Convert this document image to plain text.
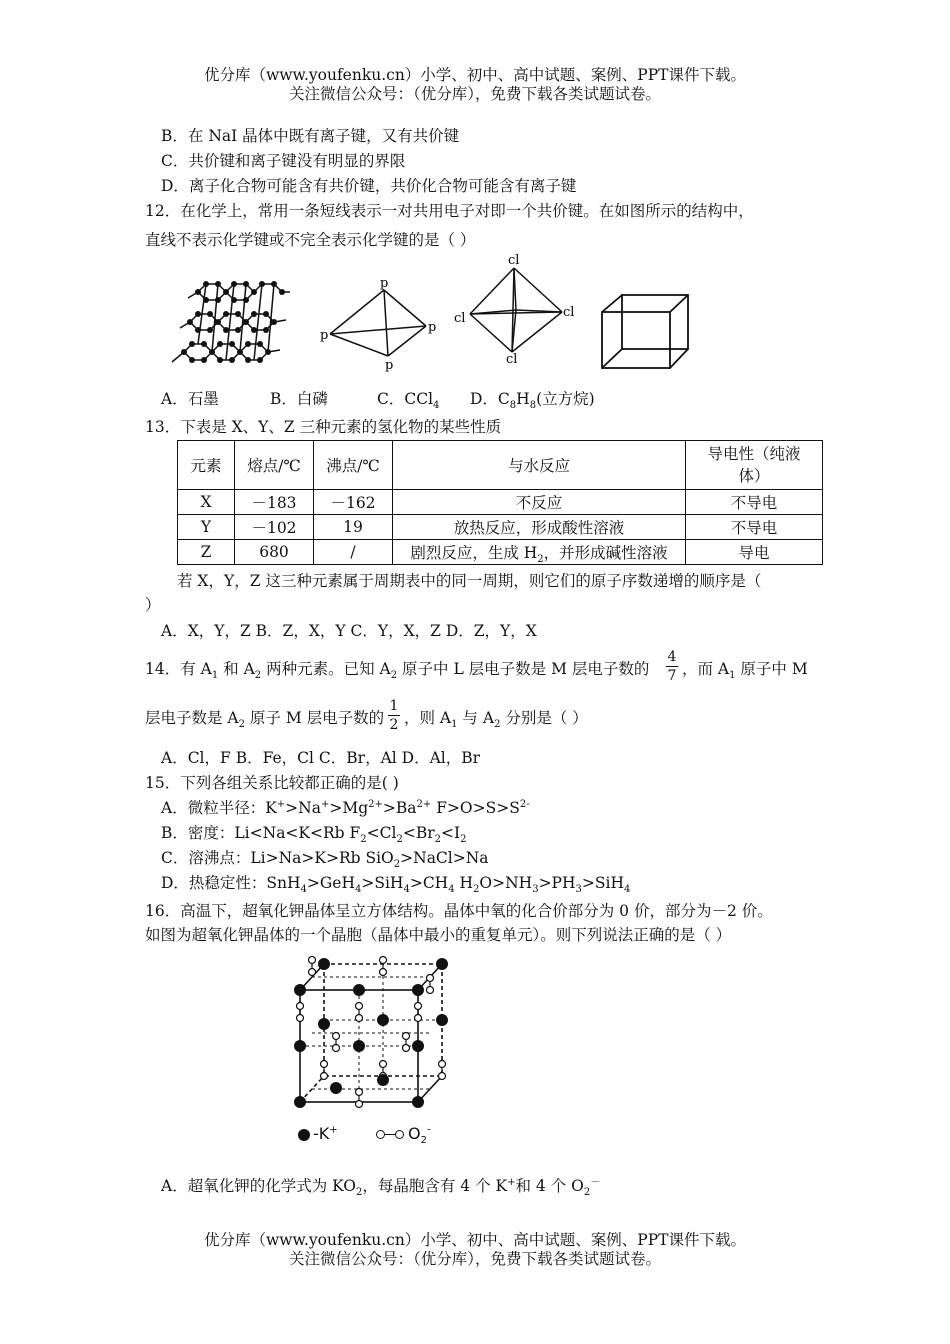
优分库（www.youfenku.cn）小学、初中、高中试题、案例、PPT课件下载。
关注微信公众号：（优分库），免费下载各类试题试卷。
B．在 NaI 晶体中既有离子键，又有共价键
C．共价键和离子键没有明显的界限
D．离子化合物可能含有共价键，共价化合物可能含有离子键
12．在化学上，常用一条短线表示一对共用电子对即一个共价键。在如图所示的结构中，
直线不表示化学键或不完全表示化学键的是（ ）
p
p
p
p
cl
cl	cl
cl
A．石墨	B．白磷	C．CCl$_4$ D．$C_8H_8$(立方烷)
13．下表是 X、Y、Z 三种元素的氢化物的某些性质
元素	熔点/℃	沸点/℃	与水反应	导电性（纯液
体）
X	－183	－162	不反应	不导电
Y	－102	19	放热反应，形成酸性溶液	不导电
Z	680	/	剧烈反应，生成 $H_2$，并形成碱性溶液	导电
若 X，Y，Z 这三种元素属于周期表中的同一周期，则它们的原子序数递增的顺序是（
）
A．X，Y，Z B．Z，X，Y C．Y，X，Z D．Z，Y，X
14．有 $A_1$ 和 $A_2$ 两种元素。已知 $A_2$ 原子中 L 层电子数是 M 层电子数的
4
7 ，而 $A_1$ 原子中 M
层电子数是 $A_2$ 原子 M 层电子数的
1
2 ，则 $A_1$ 与 $A_2$ 分别是（ ）
A．Cl，F B．Fe，Cl C．Br，Al D．Al，Br
15．下列各组关系比较都正确的是( )
A．微粒半径：$K^+>Na^+>Mg^{2+}>Ba^{2+}$ $F>O>S>S^{2-}$
B．密度：Li<Na<K<Rb $F_2<Cl_2<Br_2<I_2$
C．溶沸点：Li>Na>K>Rb SiO$_2$>NaCl>Na
D．热稳定性：$SnH_4>GeH_4>SiH_4>CH_4$ $H_2O>NH_3>PH_3>SiH_4$
16．高温下，超氧化钾晶体呈立方体结构。晶体中氧的化合价部分为 0 价，部分为－2 价。
如图为超氧化钾晶体的一个晶胞（晶体中最小的重复单元）。则下列说法正确的是（ ）
-K+	$O_2^-$
A．超氧化钾的化学式为 $KO_2$，每晶胞含有 4 个 K+和 4 个 $O_2^-$
优分库（www.youfenku.cn）小学、初中、高中试题、案例、PPT课件下载。
关注微信公众号：（优分库），免费下载各类试题试卷。
